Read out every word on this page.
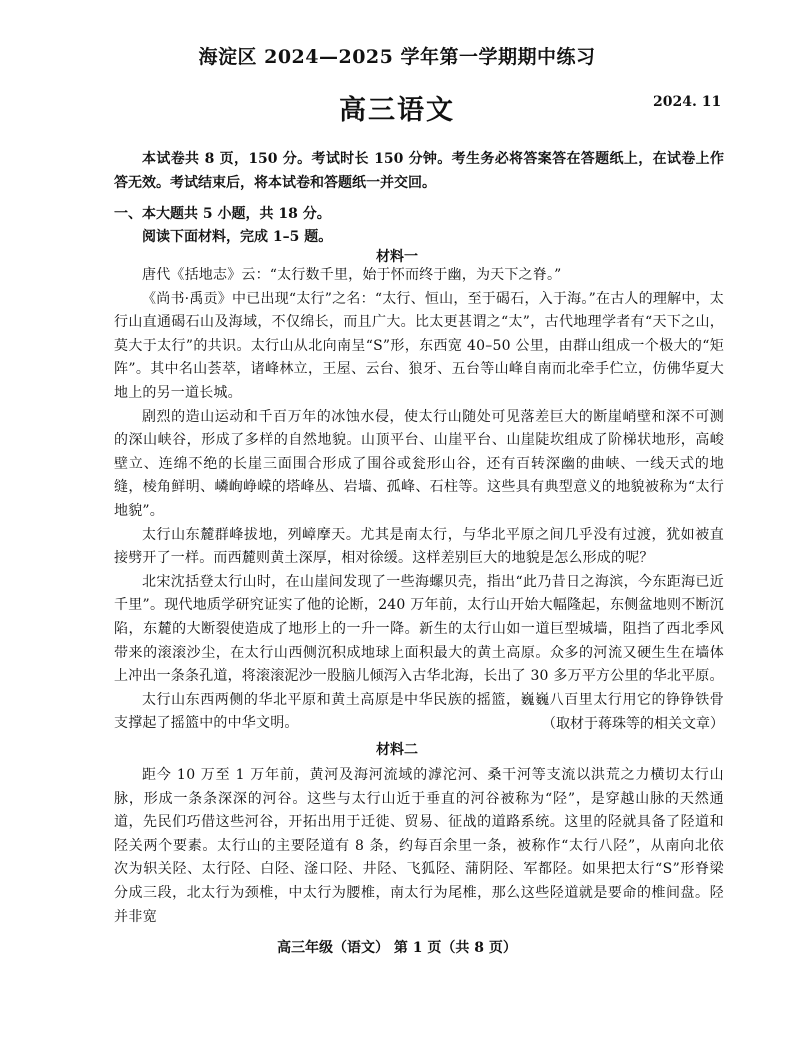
海淀区 2024—2025 学年第一学期期中练习
高三语文	2024. 11
本试卷共 8 页，150 分。考试时长 150 分钟。考生务必将答案答在答题纸上，在试卷上作答无效。考试结束后，将本试卷和答题纸一并交回。
一、本大题共 5 小题，共 18 分。
阅读下面材料，完成 1–5 题。
材料一

唐代《括地志》云：“太行数千里，始于怀而终于幽，为天下之脊。”

《尚书·禹贡》中已出现“太行”之名：“太行、恒山，至于碣石，入于海。”在古人的理解中，太行山直通碣石山及海域，不仅绵长，而且广大。比太更甚谓之“太”，古代地理学者有“天下之山，莫大于太行”的共识。太行山从北向南呈“S”形，东西宽 40–50 公里，由群山组成一个极大的“矩阵”。其中名山荟萃，诸峰林立，王屋、云台、狼牙、五台等山峰自南而北牵手伫立，仿佛华夏大地上的另一道长城。

剧烈的造山运动和千百万年的冰蚀水侵，使太行山随处可见落差巨大的断崖峭壁和深不可测的深山峡谷，形成了多样的自然地貌。山顶平台、山崖平台、山崖陡坎组成了阶梯状地形，高峻壁立、连绵不绝的长崖三面围合形成了围谷或瓮形山谷，还有百转深幽的曲峡、一线天式的地缝，棱角鲜明、嶙峋峥嵘的塔峰丛、岩墙、孤峰、石柱等。这些具有典型意义的地貌被称为“太行地貌”。

太行山东麓群峰拔地，列嶂摩天。尤其是南太行，与华北平原之间几乎没有过渡，犹如被直接劈开了一样。而西麓则黄土深厚，相对徐缓。这样差别巨大的地貌是怎么形成的呢？

北宋沈括登太行山时，在山崖间发现了一些海螺贝壳，指出“此乃昔日之海滨，今东距海已近千里”。现代地质学研究证实了他的论断，240 万年前，太行山开始大幅隆起，东侧盆地则不断沉陷，东麓的大断裂使造成了地形上的一升一降。新生的太行山如一道巨型城墙，阻挡了西北季风带来的滚滚沙尘，在太行山西侧沉积成地球上面积最大的黄土高原。众多的河流又硬生生在墙体上冲出一条条孔道，将滚滚泥沙一股脑儿倾泻入古华北海，长出了 30 多万平方公里的华北平原。

太行山东西两侧的华北平原和黄土高原是中华民族的摇篮，巍巍八百里太行用它的铮铮铁骨支撑起了摇篮中的中华文明。	（取材于蒋珠等的相关文章）
材料二

距今 10 万至 1 万年前，黄河及海河流域的滹沱河、桑干河等支流以洪荒之力横切太行山脉，形成一条条深深的河谷。这些与太行山近于垂直的河谷被称为“陉”，是穿越山脉的天然通道，先民们巧借这些河谷，开拓出用于迁徙、贸易、征战的道路系统。这里的陉就具备了陉道和陉关两个要素。太行山的主要陉道有 8 条，约每百余里一条，被称作“太行八陉”，从南向北依次为轵关陉、太行陉、白陉、滏口陉、井陉、飞狐陉、蒲阴陉、军都陉。如果把太行“S”形脊梁分成三段，北太行为颈椎，中太行为腰椎，南太行为尾椎，那么这些陉道就是要命的椎间盘。陉并非宽

高三年级（语文） 第 1 页（共 8 页）
